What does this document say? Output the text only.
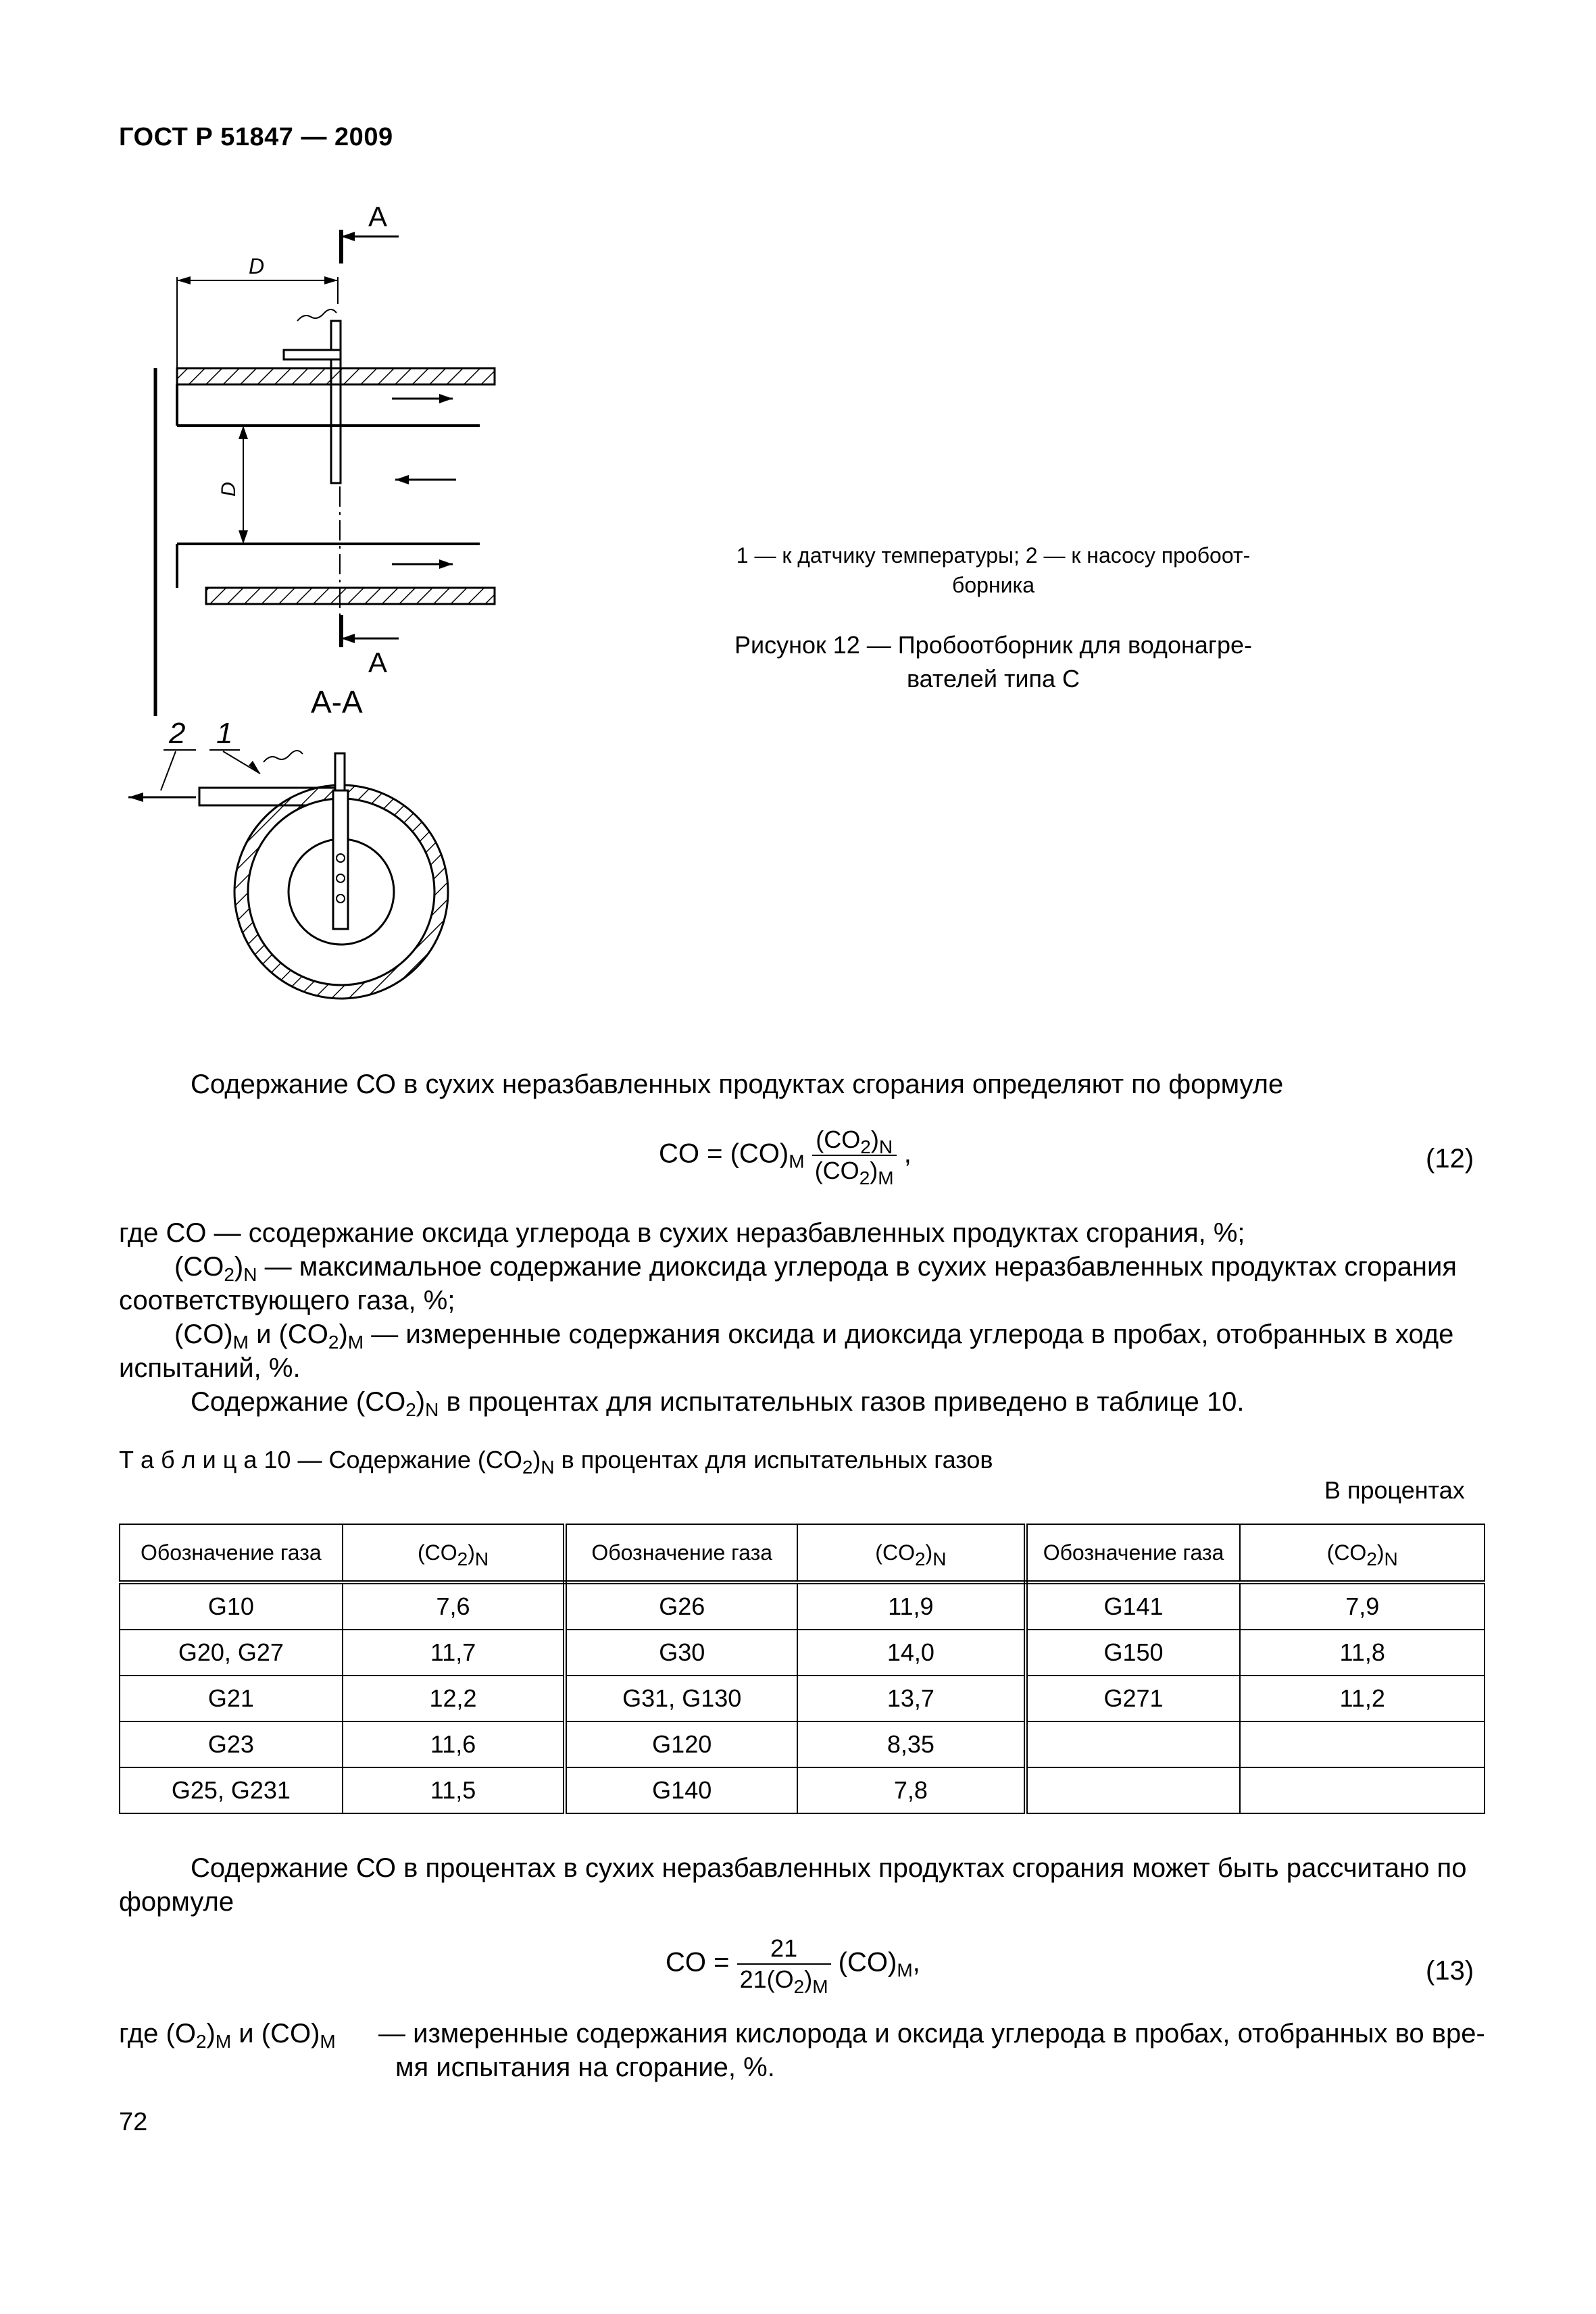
ГОСТ Р 51847 — 2009
D
A
D
A
A-A
2 1
1 — к датчику температуры; 2 — к насосу пробоот-
борника
Рисунок 12 — Пробоотборник для водонагре-
вателей типа С
Содержание СО в сухих неразбавленных продуктах сгорания определяют по формуле
CO = $(CO)_M \frac{(CO_2)_N}{(CO_2)_M}$ ,	(12)
где CO — ссодержание оксида углерода в сухих неразбавленных продуктах сгорания, %;
$(CO_2)_N$ — максимальное содержание диоксида углерода в сухих неразбавленных продуктах сгорания
соответствующего газа, %;
$(CO)_M$ и $(CO_2)_M$ — измеренные содержания оксида и диоксида углерода в пробах, отобранных в ходе
испытаний, %.
Содержание $(CO_2)_N$ в процентах для испытательных газов приведено в таблице 10.
Т а б л и ц а 10 — Содержание $(CO_2)_N$ в процентах для испытательных газов
В процентах
Обозначение газа	$(CO_2)_N$	Обозначение газа	$(CO_2)_N$	Обозначение газа	$(CO_2)_N$
G10	7,6	G26	11,9	G141	7,9
G20, G27	11,7	G30	14,0	G150	11,8
G21	12,2	G31, G130	13,7	G271	11,2
G23	11,6	G120	8,35		
G25, G231	11,5	G140	7,8		
Содержание СО в процентах в сухих неразбавленных продуктах сгорания может быть рассчитано по
формуле
CO = $\frac{21}{21(O_2)_M} (CO)_M$,	(13)
где $(O_2)_M$ и $(CO)_M$ — измеренные содержания кислорода и оксида углерода в пробах, отобранных во вре-
мя испытания на сгорание, %.
72
